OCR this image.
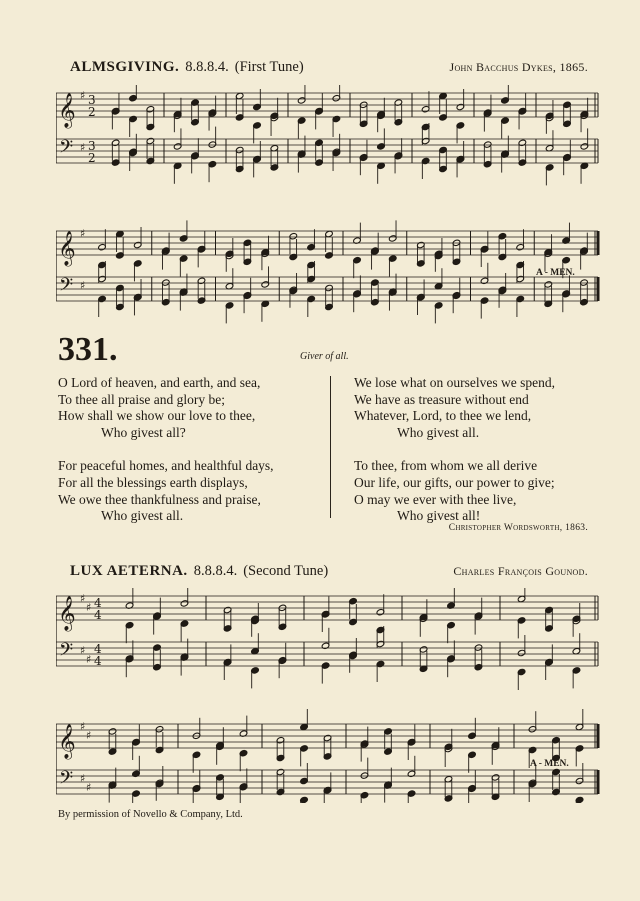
ALMSGIVING. 8.8.8.4. (First Tune)	John Bacchus Dykes, 1865.
𝄞
𝄢
♯
♯
3
2
3
2
𝄞
𝄢
♯
♯
A - MEN.
331.	Giver of all.
O Lord of heaven, and earth, and sea,
To thee all praise and glory be;
How shall we show our love to thee,
Who givest all?
For peaceful homes, and healthful days,
For all the blessings earth displays,
We owe thee thankfulness and praise,
Who givest all.
We lose what on ourselves we spend,
We have as treasure without end
Whatever, Lord, to thee we lend,
Who givest all.
To thee, from whom we all derive
Our life, our gifts, our power to give;
O may we ever with thee live,
Who givest all!
Christopher Wordsworth, 1863.
LUX AETERNA. 8.8.8.4. (Second Tune)	Charles François Gounod.
𝄞
𝄢
♯
♯
♯
♯
4
4
4
4
𝄞
𝄢
♯
♯
♯
♯
A - MEN.
By permission of Novello & Company, Ltd.
